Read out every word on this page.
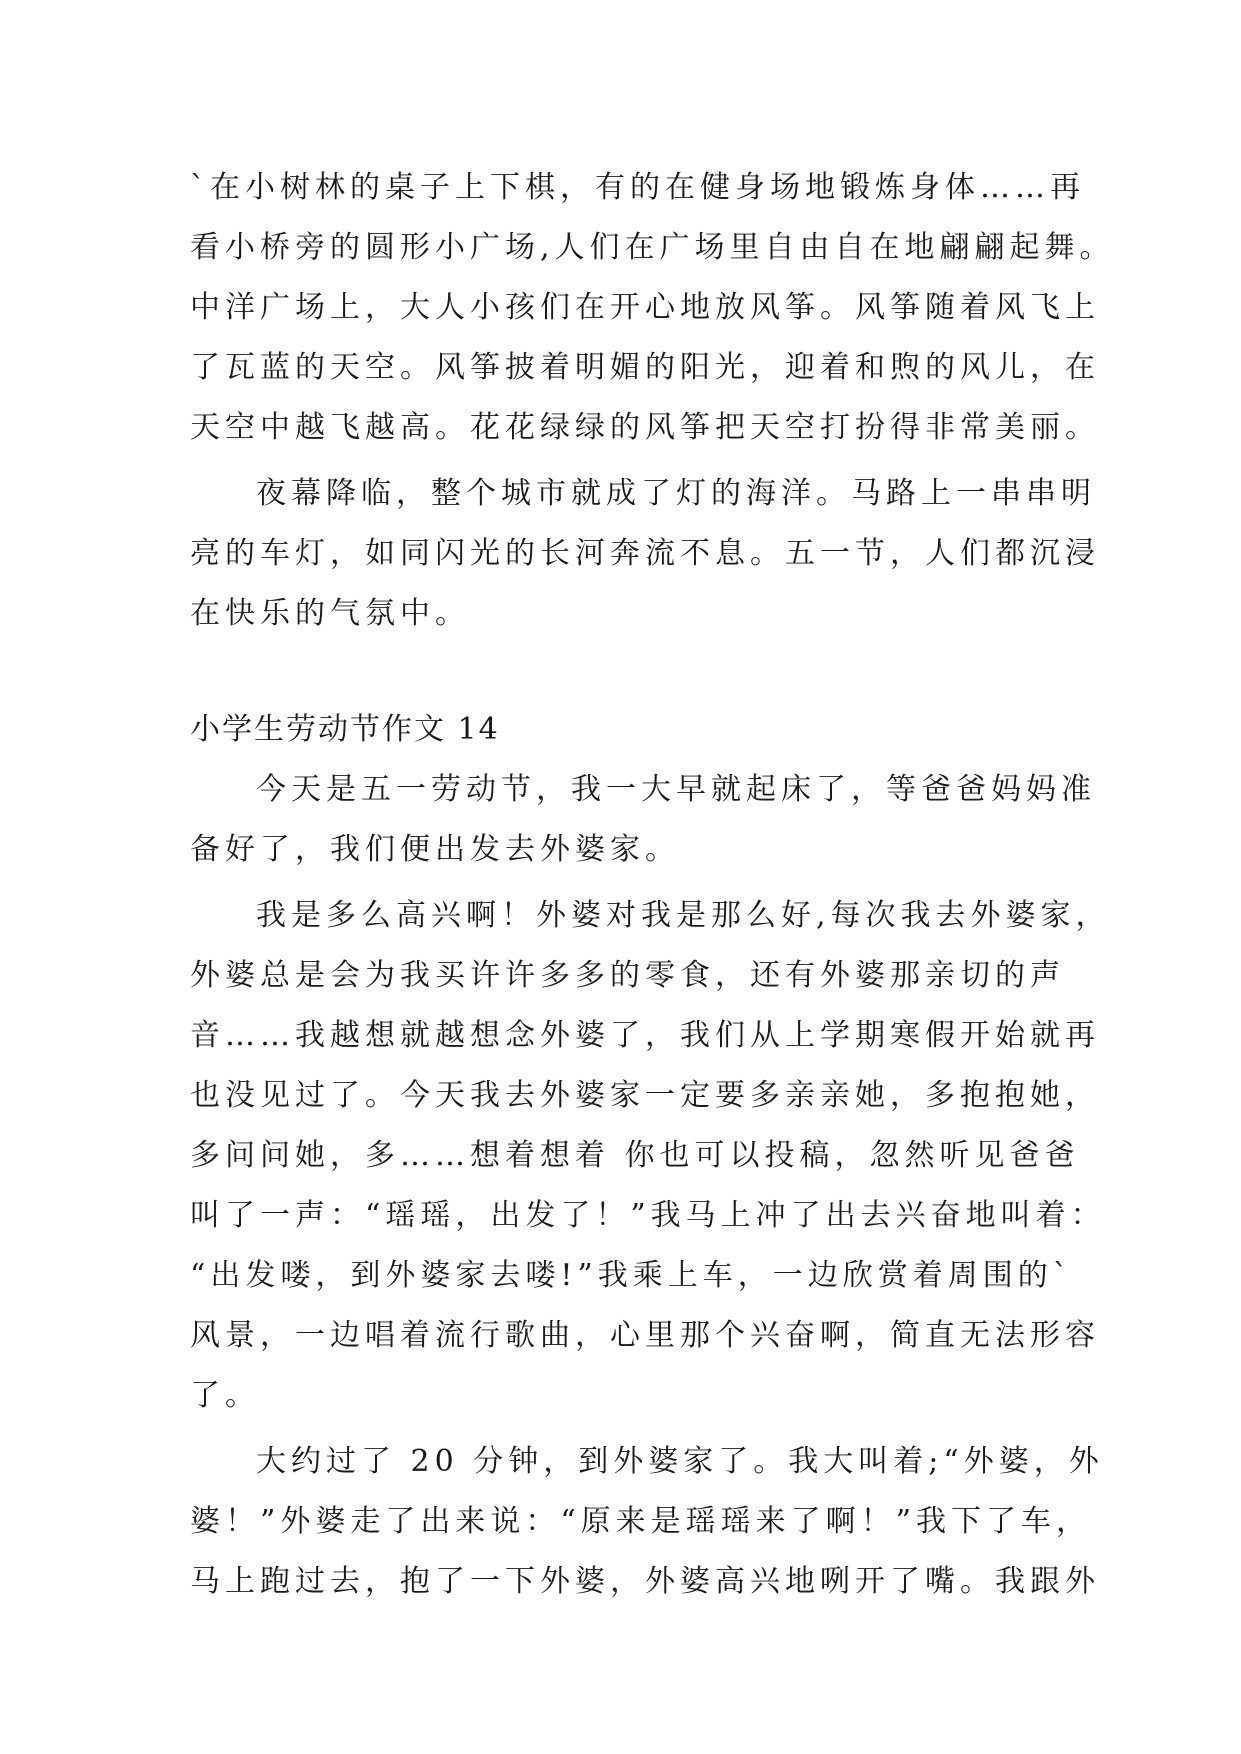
`在小树林的桌子上下棋，有的在健身场地锻炼身体……再
看小桥旁的圆形小广场,人们在广场里自由自在地翩翩起舞。
中洋广场上，大人小孩们在开心地放风筝。风筝随着风飞上
了瓦蓝的天空。风筝披着明媚的阳光，迎着和煦的风儿，在
天空中越飞越高。花花绿绿的风筝把天空打扮得非常美丽。
夜幕降临，整个城市就成了灯的海洋。马路上一串串明
亮的车灯，如同闪光的长河奔流不息。五一节，人们都沉浸
在快乐的气氛中。
小学生劳动节作文 14
今天是五一劳动节，我一大早就起床了，等爸爸妈妈准
备好了，我们便出发去外婆家。
我是多么高兴啊！外婆对我是那么好,每次我去外婆家，
外婆总是会为我买许许多多的零食，还有外婆那亲切的声
音……我越想就越想念外婆了，我们从上学期寒假开始就再
也没见过了。今天我去外婆家一定要多亲亲她，多抱抱她，
多问问她，多……想着想着 你也可以投稿，忽然听见爸爸
叫了一声：“瑶瑶，出发了！”我马上冲了出去兴奋地叫着：
“出发喽，到外婆家去喽!”我乘上车，一边欣赏着周围的`
风景，一边唱着流行歌曲，心里那个兴奋啊，简直无法形容
了。
大约过了 20 分钟，到外婆家了。我大叫着;“外婆，外
婆！”外婆走了出来说：“原来是瑶瑶来了啊！”我下了车，
马上跑过去，抱了一下外婆，外婆高兴地咧开了嘴。我跟外
